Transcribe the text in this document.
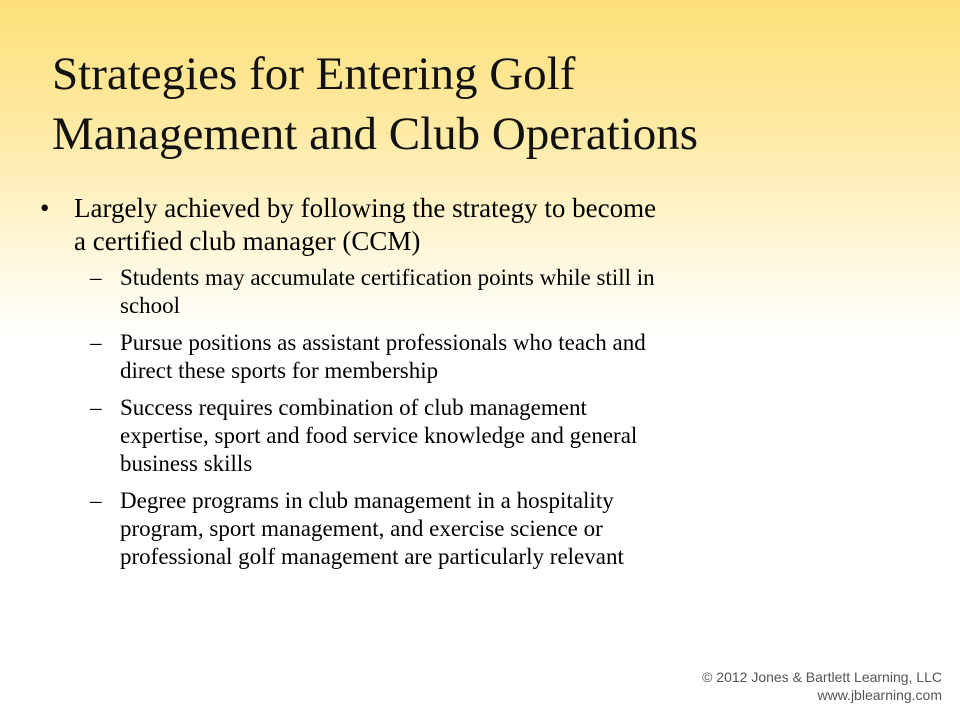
Strategies for Entering Golf
Management and Club Operations
• Largely achieved by following the strategy to become
a certified club manager (CCM)
– Students may accumulate certification points while still in
school
– Pursue positions as assistant professionals who teach and
direct these sports for membership
– Success requires combination of club management
expertise, sport and food service knowledge and general
business skills
– Degree programs in club management in a hospitality
program, sport management, and exercise science or
professional golf management are particularly relevant
© 2012 Jones & Bartlett Learning, LLC
www.jblearning.com
